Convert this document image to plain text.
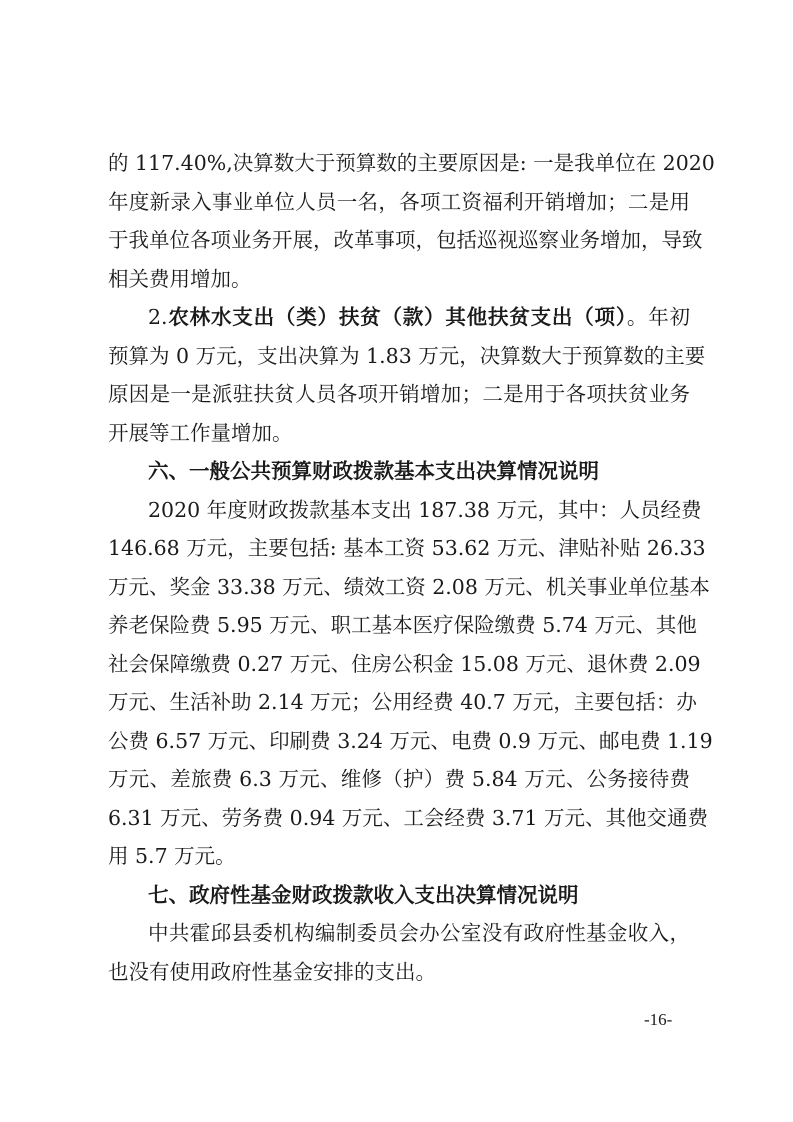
的 117.40%,决算数大于预算数的主要原因是: 一是我单位在 2020
年度新录入事业单位人员一名，各项工资福利开销增加；二是用
于我单位各项业务开展，改革事项，包括巡视巡察业务增加，导致
相关费用增加。
2.农林水支出（类）扶贫（款）其他扶贫支出（项）。年初
预算为 0 万元，支出决算为 1.83 万元，决算数大于预算数的主要
原因是一是派驻扶贫人员各项开销增加；二是用于各项扶贫业务
开展等工作量增加。
六、一般公共预算财政拨款基本支出决算情况说明
2020 年度财政拨款基本支出 187.38 万元，其中：人员经费
146.68 万元，主要包括: 基本工资 53.62 万元、津贴补贴 26.33
万元、奖金 33.38 万元、绩效工资 2.08 万元、机关事业单位基本
养老保险费 5.95 万元、职工基本医疗保险缴费 5.74 万元、其他
社会保障缴费 0.27 万元、住房公积金 15.08 万元、退休费 2.09
万元、生活补助 2.14 万元；公用经费 40.7 万元，主要包括：办
公费 6.57 万元、印刷费 3.24 万元、电费 0.9 万元、邮电费 1.19
万元、差旅费 6.3 万元、维修（护）费 5.84 万元、公务接待费
6.31 万元、劳务费 0.94 万元、工会经费 3.71 万元、其他交通费
用 5.7 万元。
七、政府性基金财政拨款收入支出决算情况说明
中共霍邱县委机构编制委员会办公室没有政府性基金收入，
也没有使用政府性基金安排的支出。
-16-
